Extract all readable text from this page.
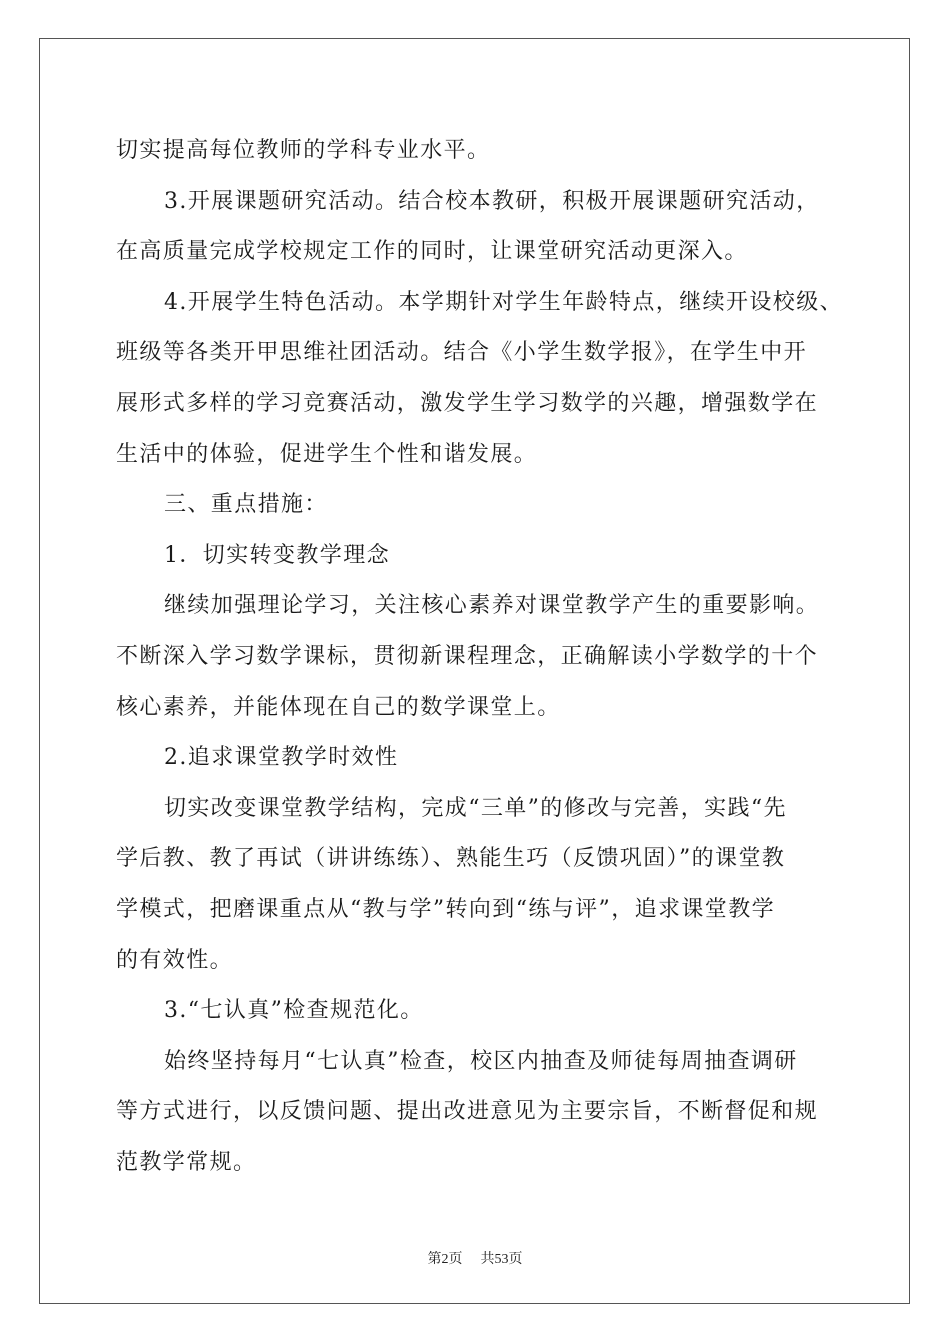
切实提高每位教师的学科专业水平。
3.开展课题研究活动。结合校本教研，积极开展课题研究活动，
在高质量完成学校规定工作的同时，让课堂研究活动更深入。
4.开展学生特色活动。本学期针对学生年龄特点，继续开设校级、
班级等各类开甲思维社团活动。结合《小学生数学报》，在学生中开
展形式多样的学习竞赛活动，激发学生学习数学的兴趣，增强数学在
生活中的体验，促进学生个性和谐发展。
三、重点措施：
1．切实转变教学理念
继续加强理论学习，关注核心素养对课堂教学产生的重要影响。
不断深入学习数学课标，贯彻新课程理念，正确解读小学数学的十个
核心素养，并能体现在自己的数学课堂上。
2.追求课堂教学时效性
切实改变课堂教学结构，完成“三单”的修改与完善，实践“先
学后教、教了再试（讲讲练练）、熟能生巧（反馈巩固）”的课堂教
学模式，把磨课重点从“教与学”转向到“练与评”，追求课堂教学
的有效性。
3.“七认真”检查规范化。
始终坚持每月“七认真”检查，校区内抽查及师徒每周抽查调研
等方式进行，以反馈问题、提出改进意见为主要宗旨，不断督促和规
范教学常规。
第2页 共53页
